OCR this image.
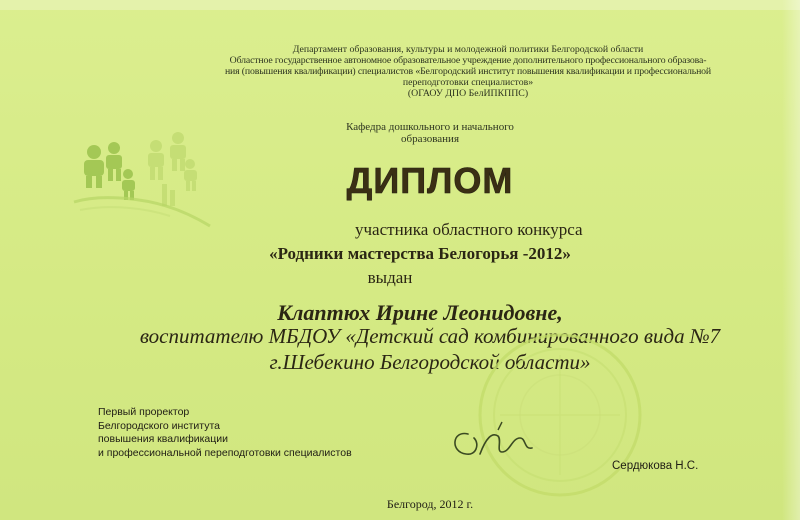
Департамент образования, культуры и молодежной политики Белгородской области
Областное государственное автономное образовательное учреждение дополнительного профессионального образова-
ния (повышения квалификации) специалистов «Белгородский институт повышения квалификации и профессиональной
переподготовки специалистов»
(ОГАОУ ДПО БелИПКППС)
Кафедра дошкольного и начального образования
ДИПЛОМ
участника областного конкурса
«Родники мастерства Белогорья -2012»
выдан
Клаптюх Ирине Леонидовне,
воспитателю МБДОУ «Детский сад комбинированного вида №7
г.Шебекино Белгородской области»
Первый проректор
Белгородского института
повышения квалификации
и профессиональной переподготовки специалистов
Сердюкова Н.С.
Белгород, 2012 г.
